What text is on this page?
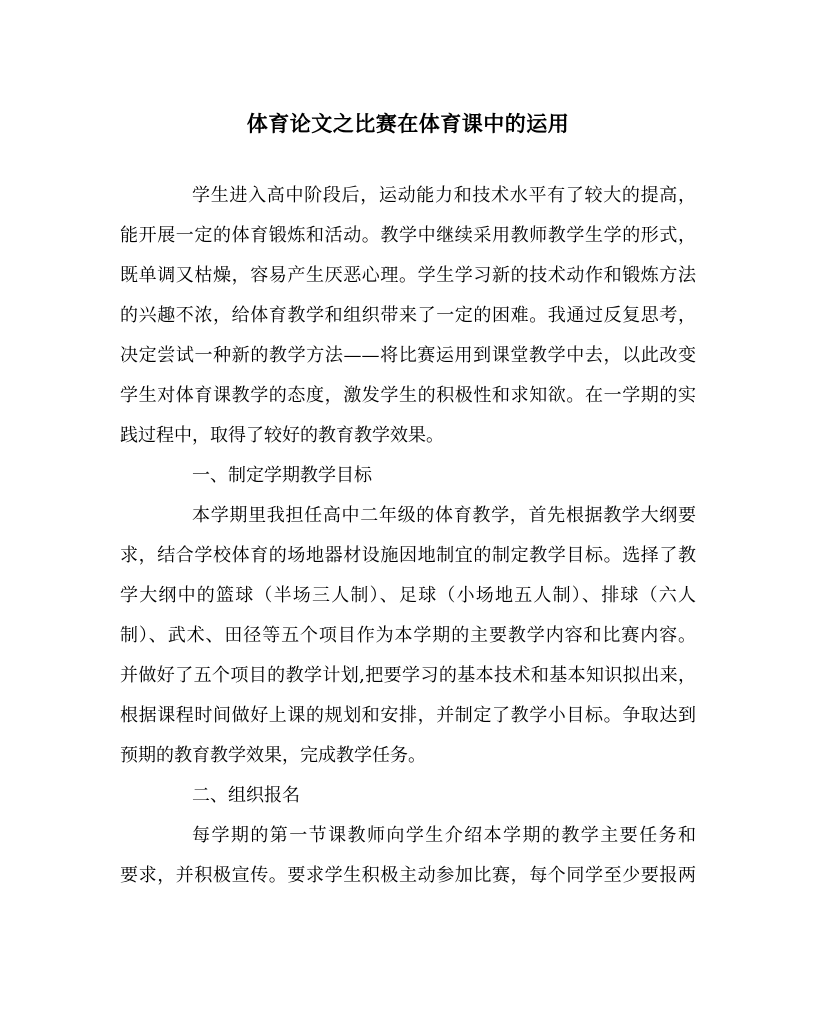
体育论文之比赛在体育课中的运用
学生进入高中阶段后，运动能力和技术水平有了较大的提高，
能开展一定的体育锻炼和活动。教学中继续采用教师教学生学的形式，
既单调又枯燥，容易产生厌恶心理。学生学习新的技术动作和锻炼方法
的兴趣不浓，给体育教学和组织带来了一定的困难。我通过反复思考，
决定尝试一种新的教学方法——将比赛运用到课堂教学中去，以此改变
学生对体育课教学的态度，激发学生的积极性和求知欲。在一学期的实
践过程中，取得了较好的教育教学效果。
一、制定学期教学目标
本学期里我担任高中二年级的体育教学，首先根据教学大纲要
求，结合学校体育的场地器材设施因地制宜的制定教学目标。选择了教
学大纲中的篮球（半场三人制）、足球（小场地五人制）、排球（六人
制）、武术、田径等五个项目作为本学期的主要教学内容和比赛内容。
并做好了五个项目的教学计划,把要学习的基本技术和基本知识拟出来，
根据课程时间做好上课的规划和安排，并制定了教学小目标。争取达到
预期的教育教学效果，完成教学任务。
二、组织报名
每学期的第一节课教师向学生介绍本学期的教学主要任务和
要求，并积极宣传。要求学生积极主动参加比赛，每个同学至少要报两
